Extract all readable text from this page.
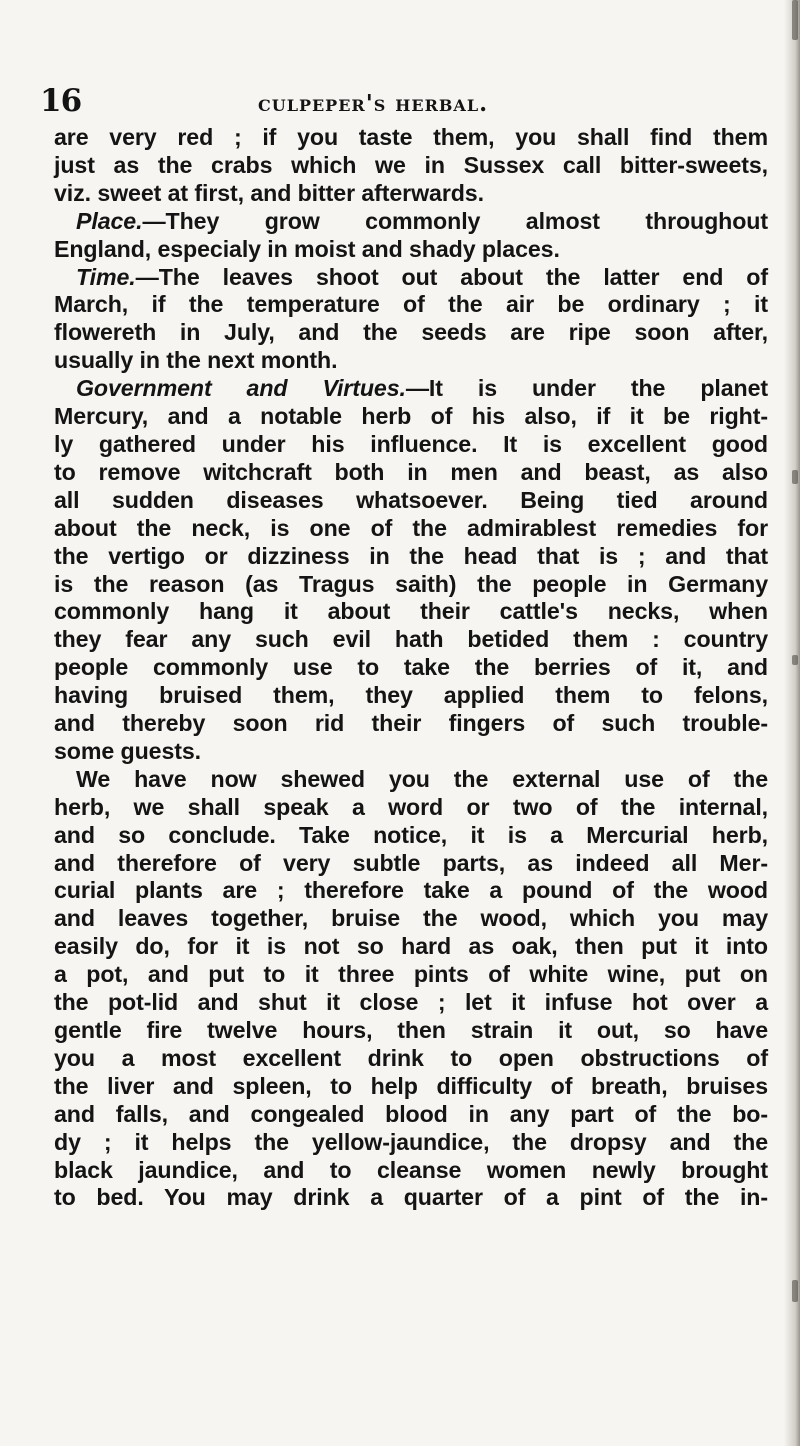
16	culpeper's herbal.

are very red ; if you taste them, you shall find them

just as the crabs which we in Sussex call bitter-sweets,

viz. sweet at first, and bitter afterwards.

Place.—They grow commonly almost throughout

England, especialy in moist and shady places.

Time.—The leaves shoot out about the latter end of

March, if the temperature of the air be ordinary ; it

flowereth in July, and the seeds are ripe soon after,

usually in the next month.

Government and Virtues.—It is under the planet

Mercury, and a notable herb of his also, if it be right-

ly gathered under his influence. It is excellent good

to remove witchcraft both in men and beast, as also

all sudden diseases whatsoever. Being tied around

about the neck, is one of the admirablest remedies for

the vertigo or dizziness in the head that is ; and that

is the reason (as Tragus saith) the people in Germany

commonly hang it about their cattle's necks, when

they fear any such evil hath betided them : country

people commonly use to take the berries of it, and

having bruised them, they applied them to felons,

and thereby soon rid their fingers of such trouble-

some guests.

We have now shewed you the external use of the

herb, we shall speak a word or two of the internal,

and so conclude. Take notice, it is a Mercurial herb,

and therefore of very subtle parts, as indeed all Mer-

curial plants are ; therefore take a pound of the wood

and leaves together, bruise the wood, which you may

easily do, for it is not so hard as oak, then put it into

a pot, and put to it three pints of white wine, put on

the pot-lid and shut it close ; let it infuse hot over a

gentle fire twelve hours, then strain it out, so have

you a most excellent drink to open obstructions of

the liver and spleen, to help difficulty of breath, bruises

and falls, and congealed blood in any part of the bo-

dy ; it helps the yellow-jaundice, the dropsy and the

black jaundice, and to cleanse women newly brought

to bed. You may drink a quarter of a pint of the in-
